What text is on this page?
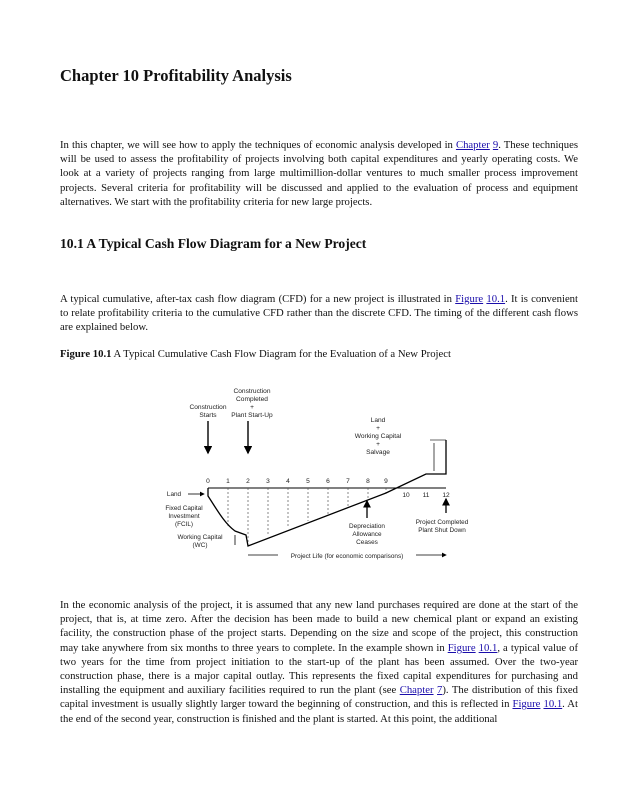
Chapter 10 Profitability Analysis

In this chapter, we will see how to apply the techniques of economic analysis developed in Chapter 9. These techniques will be used to assess the profitability of projects involving both capital expenditures and yearly operating costs. We look at a variety of projects ranging from large multimillion-dollar ventures to much smaller process improvement projects. Several criteria for profitability will be discussed and applied to the evaluation of process and equipment alternatives. We start with the profitability criteria for new large projects.

10.1 A Typical Cash Flow Diagram for a New Project

A typical cumulative, after-tax cash flow diagram (CFD) for a new project is illustrated in Figure 10.1. It is convenient to relate profitability criteria to the cumulative CFD rather than the discrete CFD. The timing of the different cash flows are explained below.

Figure 10.1 A Typical Cumulative Cash Flow Diagram for the Evaluation of a New Project

Construction
Starts
Construction
Completed
+
Plant Start-Up
Land
+
Working Capital
+
Salvage
0 1 2 3 4 5 6 7 8 9
10 11 12
Land
Fixed Capital
Investment
(FCIL)
Working Capital
(WC)
Depreciation
Allowance
Ceases
Project Completed
Plant Shut Down
Project Life (for economic comparisons)

In the economic analysis of the project, it is assumed that any new land purchases required are done at the start of the project, that is, at time zero. After the decision has been made to build a new chemical plant or expand an existing facility, the construction phase of the project starts. Depending on the size and scope of the project, this construction may take anywhere from six months to three years to complete. In the example shown in Figure 10.1, a typical value of two years for the time from project initiation to the start-up of the plant has been assumed. Over the two-year construction phase, there is a major capital outlay. This represents the fixed capital expenditures for purchasing and installing the equipment and auxiliary facilities required to run the plant (see Chapter 7). The distribution of this fixed capital investment is usually slightly larger toward the beginning of construction, and this is reflected in Figure 10.1. At the end of the second year, construction is finished and the plant is started. At this point, the additional
